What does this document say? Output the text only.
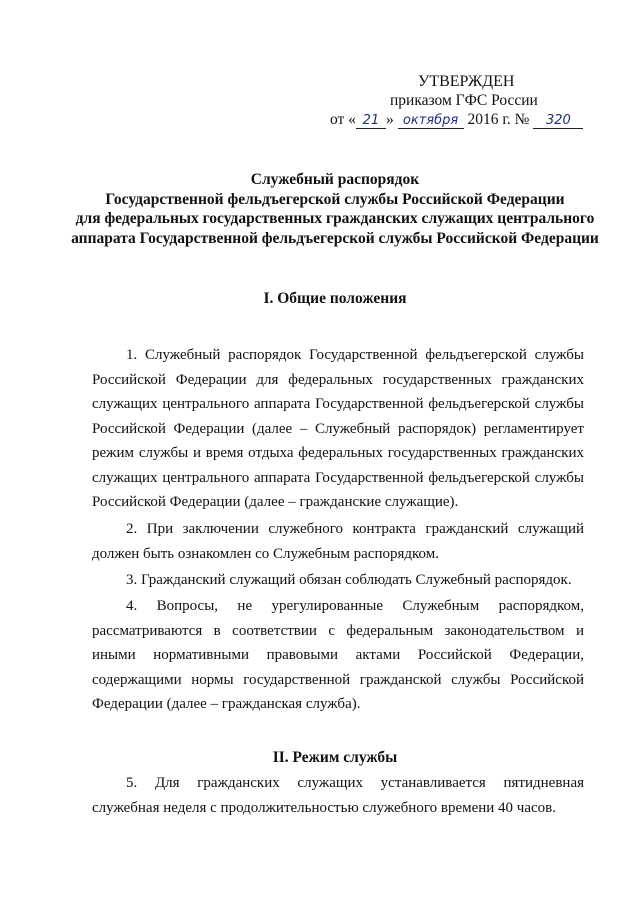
УТВЕРЖДЕН
приказом ГФС России
от « 21 » октября 2016 г. № 320
Служебный распорядок
Государственной фельдъегерской службы Российской Федерации
для федеральных государственных гражданских служащих центрального
аппарата Государственной фельдъегерской службы Российской Федерации
I. Общие положения

1. Служебный распорядок Государственной фельдъегерской службы Российской Федерации для федеральных государственных гражданских служащих центрального аппарата Государственной фельдъегерской службы Российской Федерации (далее – Служебный распорядок) регламентирует режим службы и время отдыха федеральных государственных гражданских служащих центрального аппарата Государственной фельдъегерской службы Российской Федерации (далее – гражданские служащие).

2. При заключении служебного контракта гражданский служащий должен быть ознакомлен со Служебным распорядком.

3. Гражданский служащий обязан соблюдать Служебный распорядок.

4. Вопросы, не урегулированные Служебным распорядком, рассматриваются в соответствии с федеральным законодательством и иными нормативными правовыми актами Российской Федерации, содержащими нормы государственной гражданской службы Российской Федерации (далее – гражданская служба).

II. Режим службы

5. Для гражданских служащих устанавливается пятидневная служебная неделя с продолжительностью служебного времени 40 часов.
